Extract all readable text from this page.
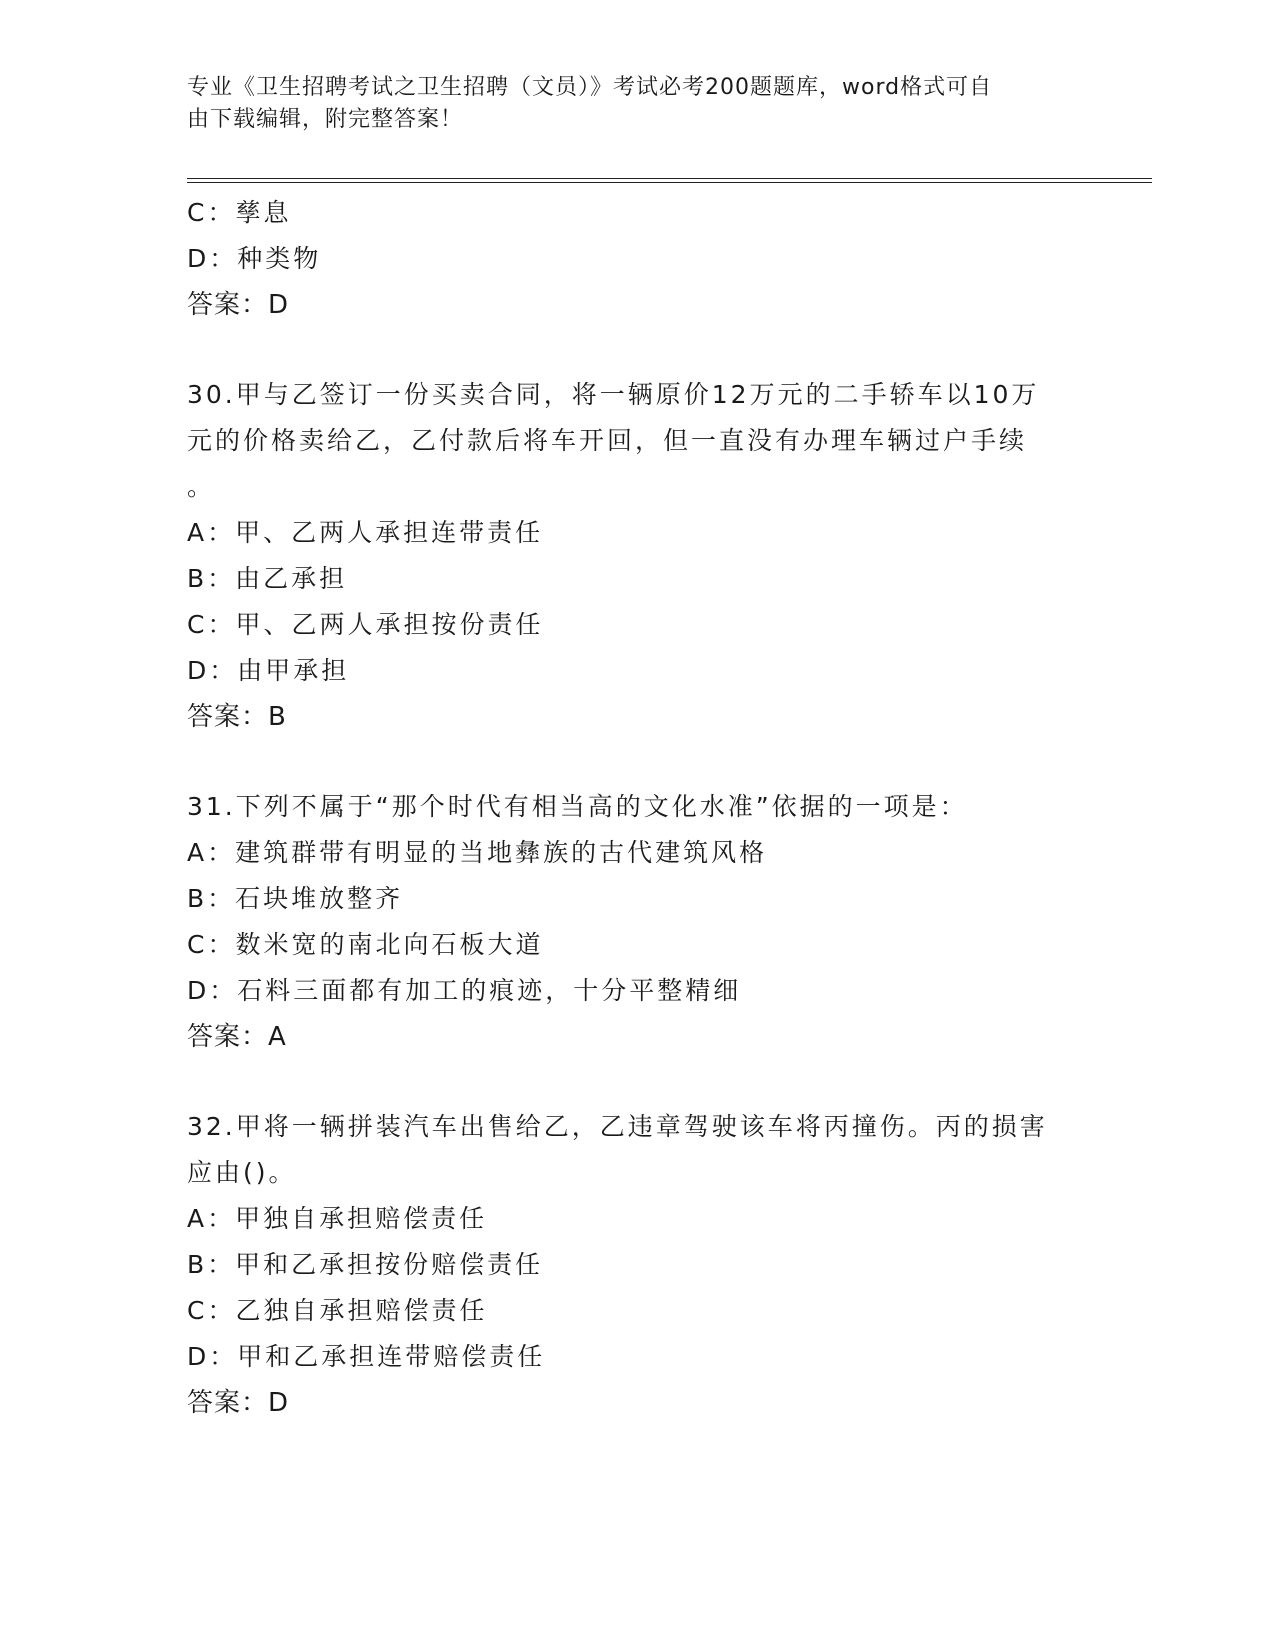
专业《卫生招聘考试之卫生招聘（文员）》考试必考200题题库，word格式可自
由下载编辑，附完整答案！
C：孳息
D：种类物
答案：D
30.甲与乙签订一份买卖合同，将一辆原价12万元的二手轿车以10万
元的价格卖给乙，乙付款后将车开回，但一直没有办理车辆过户手续
。
A：甲、乙两人承担连带责任
B：由乙承担
C：甲、乙两人承担按份责任
D：由甲承担
答案：B
31.下列不属于“那个时代有相当高的文化水准”依据的一项是：
A：建筑群带有明显的当地彝族的古代建筑风格
B：石块堆放整齐
C：数米宽的南北向石板大道
D：石料三面都有加工的痕迹，十分平整精细
答案：A
32.甲将一辆拼装汽车出售给乙，乙违章驾驶该车将丙撞伤。丙的损害
应由()。
A：甲独自承担赔偿责任
B：甲和乙承担按份赔偿责任
C：乙独自承担赔偿责任
D：甲和乙承担连带赔偿责任
答案：D
